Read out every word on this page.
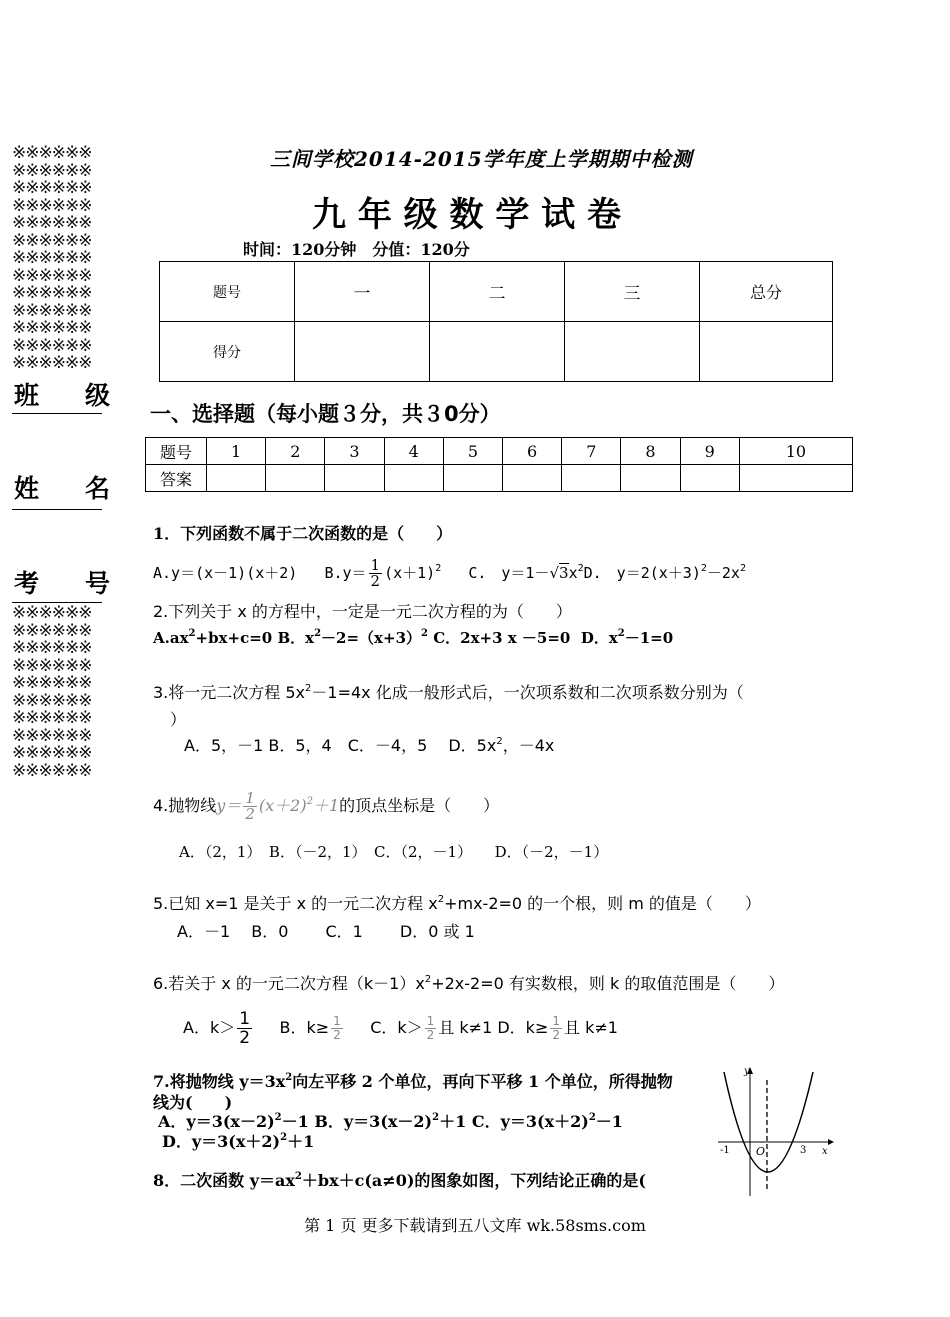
※※※※※※
※※※※※※
※※※※※※
※※※※※※
※※※※※※
※※※※※※
※※※※※※
※※※※※※
※※※※※※
※※※※※※
※※※※※※
※※※※※※
※※※※※※
班 级
姓 名
考 号
※※※※※※
※※※※※※
※※※※※※
※※※※※※
※※※※※※
※※※※※※
※※※※※※
※※※※※※
※※※※※※
※※※※※※
三间学校2014-2015学年度上学期期中检测
九 年 级 数 学 试 卷
时间：120分钟　分值：120分
题号	一	二	三	总分
得分				
一、选择题（每小题３分，共３0分）
题号	1	2	3	4	5	6	7	8	9	10
答案										
1．下列函数不属于二次函数的是（　　）
A.y＝(x－1)(x＋2) $B.y= \frac{1}{2} (x+1)^2$ C.　$y=1-√3x^2D$.　$y=2(x+3)^2-2x^2$
2.下列关于 x 的方程中，一定是一元二次方程的为（　　）
$A.ax^2+bx+c=0$ B．$x^2-2=(x+3)^2$ C．2x+3 x －5=0 D．$x^2-1=0$
3.将一元二次方程 $5x^2-1=4x$ 化成一般形式后，一次项系数和二次项系数分别为（
）
A．5，－1 B．5，4　C．－4，5　 D．$5x^2$，－4x
4.抛物线$y= \frac{1}{2} (x+2)^2+1$的顶点坐标是（　　）
A．（2，1）　B．（－2，1）　C．（2，－1）　　D．（－2，－1）
5.已知 x=1 是关于 x 的一元二次方程 $x^2+mx-2=0$ 的一个根，则 m 的值是（　　）
A．－1　 B．0　　 C．1　　 D．0 或 1
6.若关于 x 的一元二次方程$(k-1)x^2+2x-2=0$ 有实数根，则 k 的取值范围是（　　）
A．$k> \frac{1}{2}$ B．$k\ge \frac{1}{2}$ C．$k> \frac{1}{2}$ 且 k≠1 D．$k\ge \frac{1}{2}$ 且 k≠1
7.将抛物线 $y=3x^2$向左平移 2 个单位，再向下平移 1 个单位，所得抛物
线为(　　)
A．$y=3(x-2)^2-1$ B．$y=3(x-2)^2+1$ C．$y=3(x+2)^2-1$
D．$y=3(x+2)^2+1$
8．二次函数 $y=ax^2+bx+c(a\ne 0)$的图象如图，下列结论正确的是(
y
x
O
-1	3
第 1 页 更多下载请到五八文库 wk.58sms.com
